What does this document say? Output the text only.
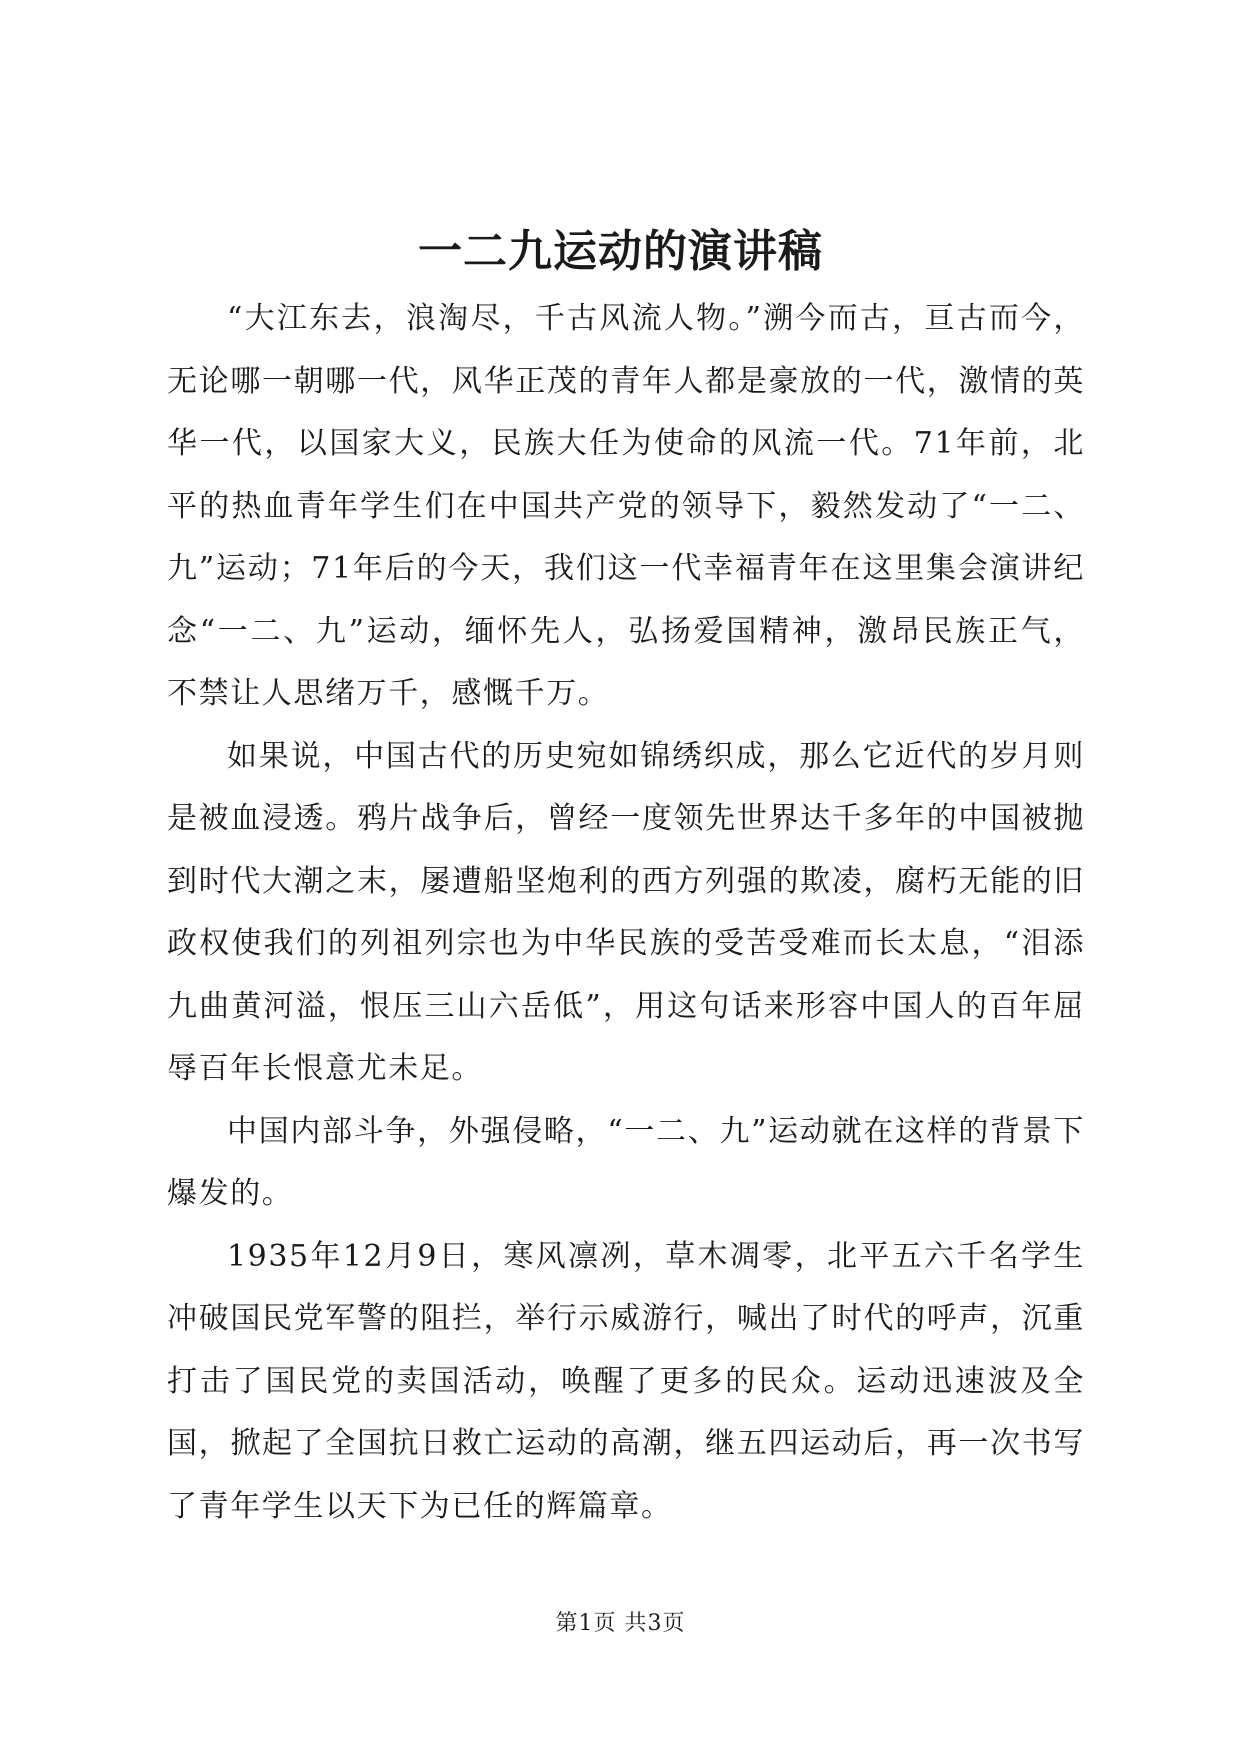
一二九运动的演讲稿

“大江东去，浪淘尽，千古风流人物。”溯今而古，亘古而今，无论哪一朝哪一代，风华正茂的青年人都是豪放的一代，激情的英华一代，以国家大义，民族大任为使命的风流一代。71年前，北平的热血青年学生们在中国共产党的领导下，毅然发动了“一二、九”运动；71年后的今天，我们这一代幸福青年在这里集会演讲纪念“一二、九”运动，缅怀先人，弘扬爱国精神，激昂民族正气，不禁让人思绪万千，感慨千万。

如果说，中国古代的历史宛如锦绣织成，那么它近代的岁月则是被血浸透。鸦片战争后，曾经一度领先世界达千多年的中国被抛到时代大潮之末，屡遭船坚炮利的西方列强的欺凌，腐朽无能的旧政权使我们的列祖列宗也为中华民族的受苦受难而长太息，“泪添九曲黄河溢，恨压三山六岳低”，用这句话来形容中国人的百年屈辱百年长恨意尤未足。

中国内部斗争，外强侵略，“一二、九”运动就在这样的背景下爆发的。

1935年12月9日，寒风凛冽，草木凋零，北平五六千名学生冲破国民党军警的阻拦，举行示威游行，喊出了时代的呼声，沉重打击了国民党的卖国活动，唤醒了更多的民众。运动迅速波及全国，掀起了全国抗日救亡运动的高潮，继五四运动后，再一次书写了青年学生以天下为已任的辉篇章。

第1页 共3页
